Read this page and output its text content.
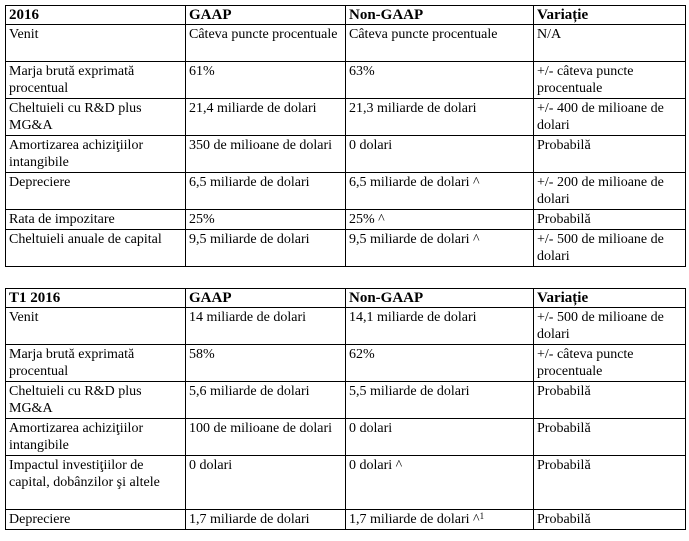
2016	GAAP	Non-GAAP	Variație
Venit	Câteva puncte procentuale	Câteva puncte procentuale	N/A
Marja brută exprimată procentual	61%	63%	+/- câteva puncte procentuale
Cheltuieli cu R&D plus MG&A	21,4 miliarde de dolari	21,3 miliarde de dolari	+/- 400 de milioane de dolari
Amortizarea achiziţiilor intangibile	350 de milioane de dolari	0 dolari	Probabilă
Depreciere	6,5 miliarde de dolari	6,5 miliarde de dolari ^	+/- 200 de milioane de dolari
Rata de impozitare	25%	25% ^	Probabilă
Cheltuieli anuale de capital	9,5 miliarde de dolari	9,5 miliarde de dolari ^	+/- 500 de milioane de dolari
T1 2016	GAAP	Non-GAAP	Variație
Venit	14 miliarde de dolari	14,1 miliarde de dolari	+/- 500 de milioane de dolari
Marja brută exprimată procentual	58%	62%	+/- câteva puncte procentuale
Cheltuieli cu R&D plus MG&A	5,6 miliarde de dolari	5,5 miliarde de dolari	Probabilă
Amortizarea achiziţiilor intangibile	100 de milioane de dolari	0 dolari	Probabilă
Impactul investiţiilor de capital, dobânzilor şi altele	0 dolari	0 dolari ^	Probabilă
Depreciere	1,7 miliarde de dolari	1,7 miliarde de dolari ^$^1$	Probabilă
